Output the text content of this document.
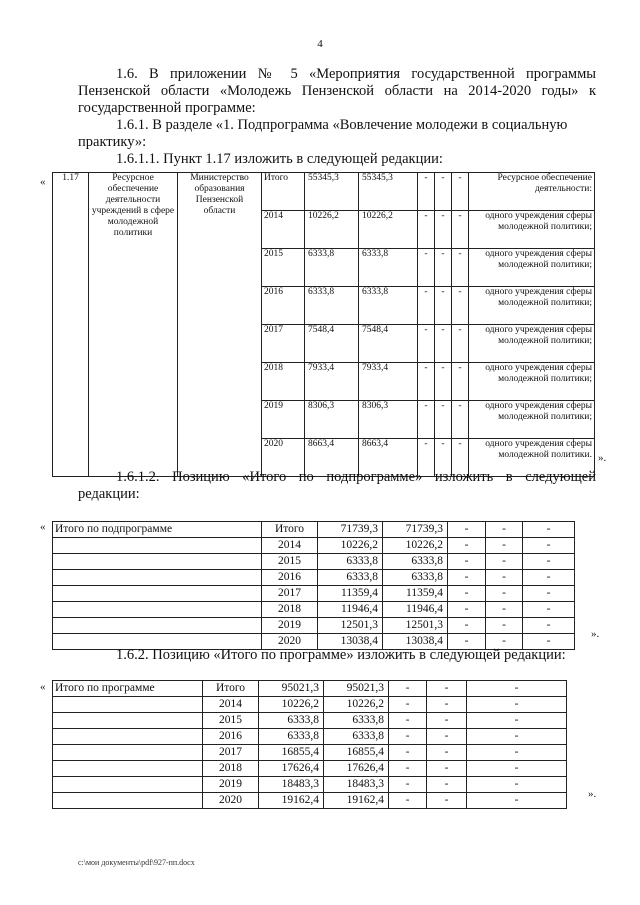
4
1.6. В приложении № 5 «Мероприятия государственной программы Пензенской области «Молодежь Пензенской области на 2014-2020 годы» к государственной программе:
1.6.1. В разделе «1. Подпрограмма «Вовлечение молодежи в социальную практику»:
1.6.1.1. Пункт 1.17 изложить в следующей редакции:
« 1.17	Ресурсное обеспечение деятельности учреждений в сфере молодежной политики	Министерство образования Пензенской области	Итого	55345,3	55345,3	-	-	-	Ресурсное обеспечение деятельности:
			2014	10226,2	10226,2	-	-	-	одного учреждения сферы молодежной политики;
			2015	6333,8	6333,8	-	-	-	одного учреждения сферы молодежной политики;
			2016	6333,8	6333,8	-	-	-	одного учреждения сферы молодежной политики;
			2017	7548,4	7548,4	-	-	-	одного учреждения сферы молодежной политики;
			2018	7933,4	7933,4	-	-	-	одного учреждения сферы молодежной политики;
			2019	8306,3	8306,3	-	-	-	одного учреждения сферы молодежной политики;
			2020	8663,4	8663,4	-	-	-	одного учреждения сферы молодежной политики. ».
1.6.1.2. Позицию «Итого по подпрограмме» изложить в следующей редакции:
« Итого по подпрограмме	Итого	71739,3	71739,3	-	-	-
	2014	10226,2	10226,2	-	-	-
	2015	6333,8	6333,8	-	-	-
	2016	6333,8	6333,8	-	-	-
	2017	11359,4	11359,4	-	-	-
	2018	11946,4	11946,4	-	-	-
	2019	12501,3	12501,3	-	-	-
	2020	13038,4	13038,4	-	-	-
».
1.6.2. Позицию «Итого по программе» изложить в следующей редакции:
« Итого по программе	Итого	95021,3	95021,3	-	-	-
	2014	10226,2	10226,2	-	-	-
	2015	6333,8	6333,8	-	-	-
	2016	6333,8	6333,8	-	-	-
	2017	16855,4	16855,4	-	-	-
	2018	17626,4	17626,4	-	-	-
	2019	18483,3	18483,3	-	-	-
	2020	19162,4	19162,4	-	-	-	».
c:\мои документы\pdf\927-пп.docx
